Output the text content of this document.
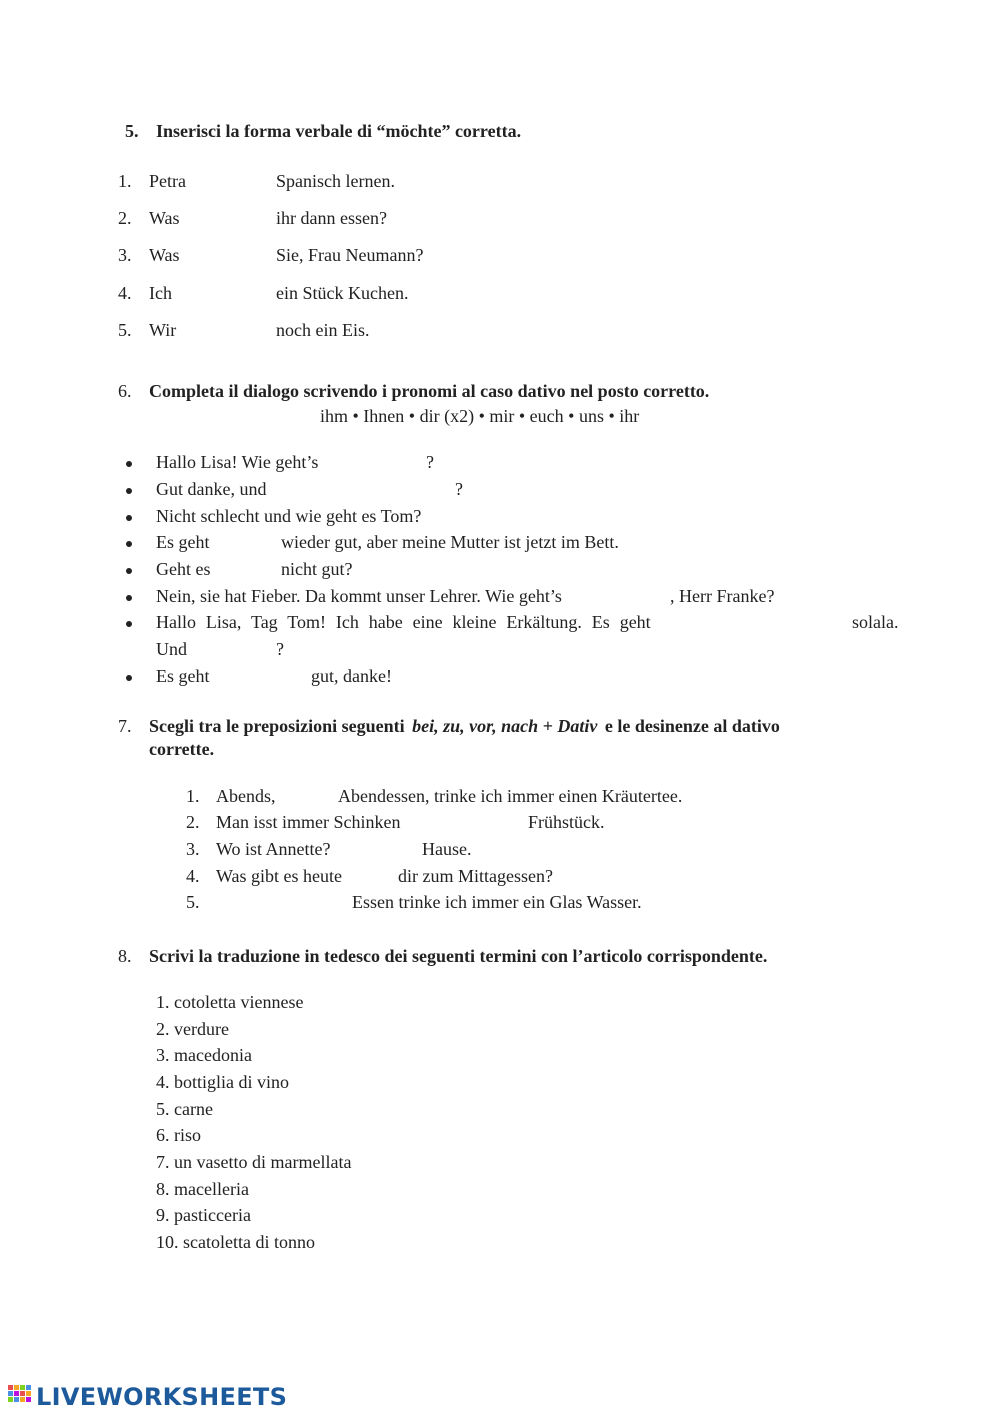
5. Inserisci la forma verbale di “möchte” corretta.
1. Petra	Spanisch lernen.
2. Was	ihr dann essen?
3. Was	Sie, Frau Neumann?
4. Ich	ein Stück Kuchen.
5. Wir	noch ein Eis.
6. Completa il dialogo scrivendo i pronomi al caso dativo nel posto corretto.
ihm • Ihnen • dir (x2) • mir • euch • uns • ihr
Hallo Lisa! Wie geht’s	?
Gut danke, und	?
Nicht schlecht und wie geht es Tom?
Es geht	wieder gut, aber meine Mutter ist jetzt im Bett.
Geht es	nicht gut?
Nein, sie hat Fieber. Da kommt unser Lehrer. Wie geht’s	, Herr Franke?
Hallo Lisa, Tag Tom! Ich habe eine kleine Erkältung. Es geht	solala.
Und	?
Es geht	gut, danke!
7. Scegli tra le preposizioni seguenti bei, zu, vor, nach + Dativ e le desinenze al dativo
corrette.
1. Abends,	Abendessen, trinke ich immer einen Kräutertee.
2. Man isst immer Schinken	Frühstück.
3. Wo ist Annette?	Hause.
4. Was gibt es heute	dir zum Mittagessen?
5.	Essen trinke ich immer ein Glas Wasser.
8. Scrivi la traduzione in tedesco dei seguenti termini con l’articolo corrispondente.
1. cotoletta viennese
2. verdure
3. macedonia
4. bottiglia di vino
5. carne
6. riso
7. un vasetto di marmellata
8. macelleria
9. pasticceria
10. scatoletta di tonno
LIVEWORKSHEETS
